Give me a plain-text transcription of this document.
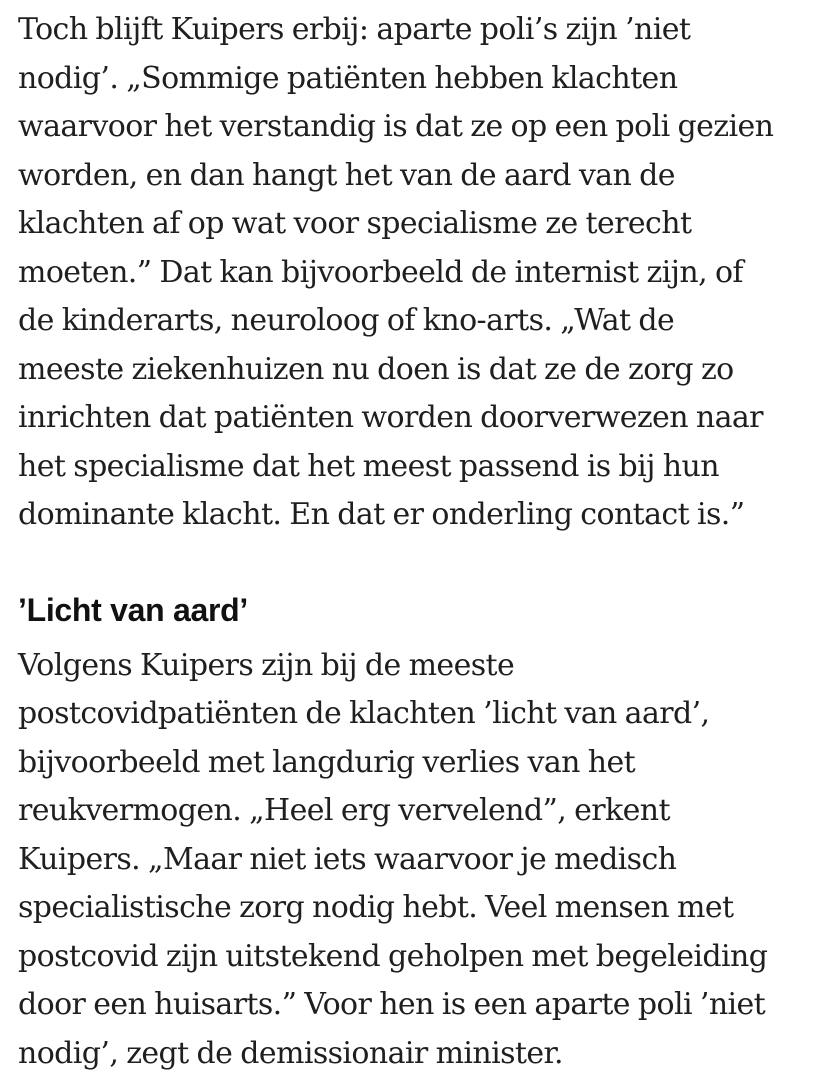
Toch blijft Kuipers erbij: aparte poli’s zijn ’niet
nodig’. „Sommige patiënten hebben klachten
waarvoor het verstandig is dat ze op een poli gezien
worden, en dan hangt het van de aard van de
klachten af op wat voor specialisme ze terecht
moeten.” Dat kan bijvoorbeeld de internist zijn, of
de kinderarts, neuroloog of kno-arts. „Wat de
meeste ziekenhuizen nu doen is dat ze de zorg zo
inrichten dat patiënten worden doorverwezen naar
het specialisme dat het meest passend is bij hun
dominante klacht. En dat er onderling contact is.”

’Licht van aard’

Volgens Kuipers zijn bij de meeste
postcovidpatiënten de klachten ’licht van aard’,
bijvoorbeeld met langdurig verlies van het
reukvermogen. „Heel erg vervelend”, erkent
Kuipers. „Maar niet iets waarvoor je medisch
specialistische zorg nodig hebt. Veel mensen met
postcovid zijn uitstekend geholpen met begeleiding
door een huisarts.” Voor hen is een aparte poli ’niet
nodig’, zegt de demissionair minister.
